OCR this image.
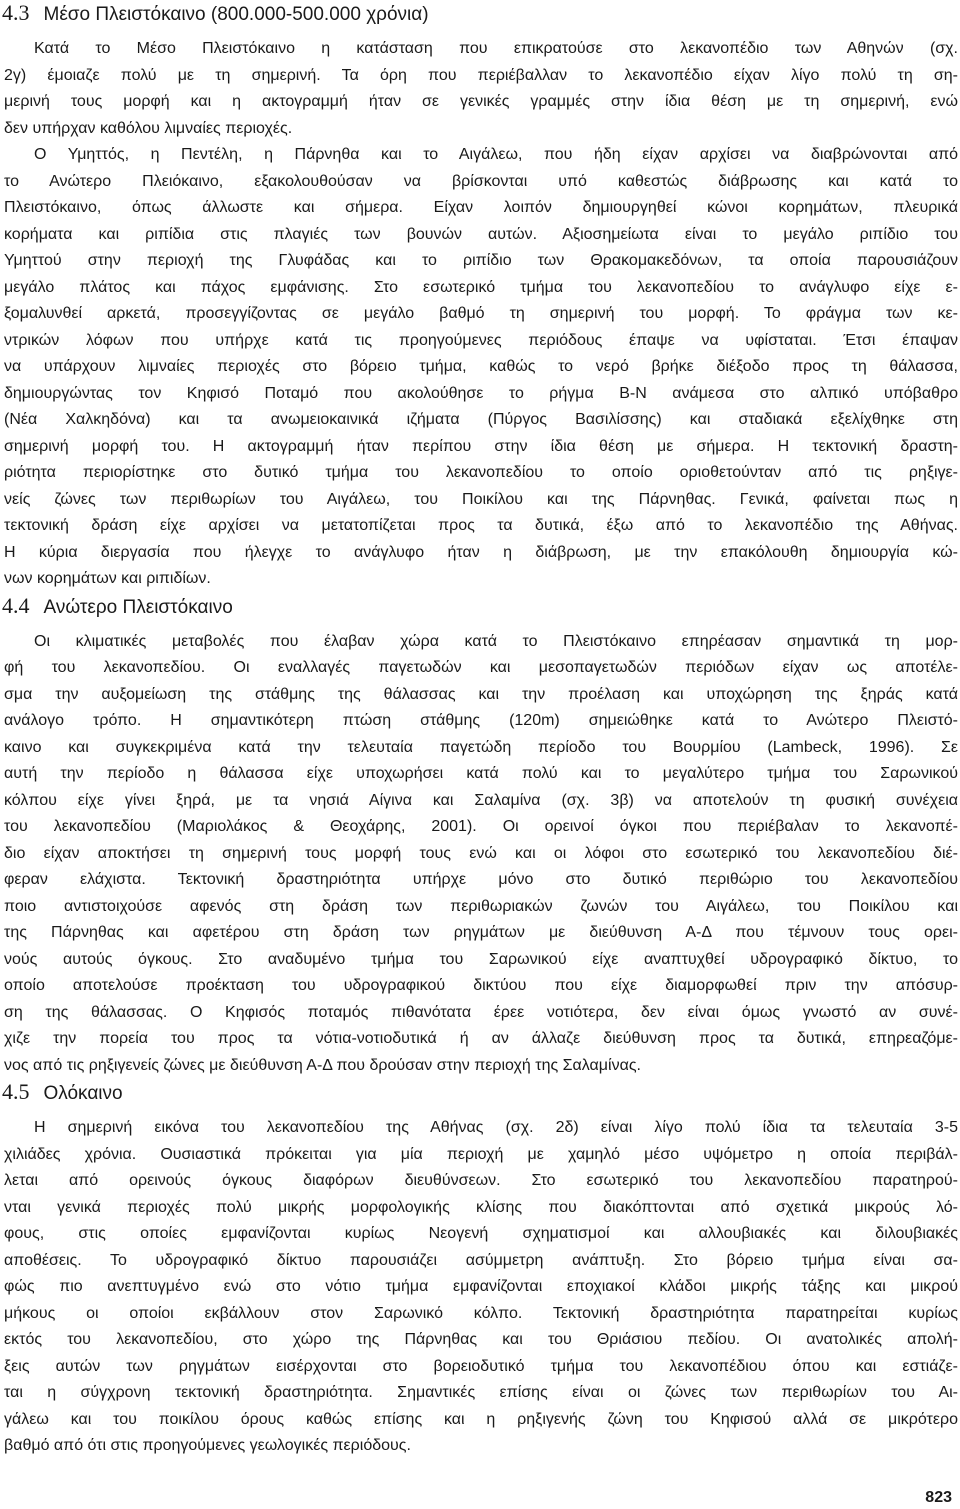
4.3 Μέσο Πλειστόκαινο (800.000-500.000 χρόνια)
Κατά το Μέσο Πλειστόκαινο η κατάσταση που επικρατούσε στο λεκανοπέδιο των Αθηνών (σχ.
2γ) έμοιαζε πολύ με τη σημερινή. Τα όρη που περιέβαλλαν το λεκανοπέδιο είχαν λίγο πολύ τη ση-
μερινή τους μορφή και η ακτογραμμή ήταν σε γενικές γραμμές στην ίδια θέση με τη σημερινή, ενώ
δεν υπήρχαν καθόλου λιμναίες περιοχές.
Ο Υμηττός, η Πεντέλη, η Πάρνηθα και το Αιγάλεω, που ήδη είχαν αρχίσει να διαβρώνονται από
το Ανώτερο Πλειόκαινο, εξακολουθούσαν να βρίσκονται υπό καθεστώς διάβρωσης και κατά το
Πλειστόκαινο, όπως άλλωστε και σήμερα. Είχαν λοιπόν δημιουργηθεί κώνοι κορημάτων, πλευρικά
κορήματα και ριπίδια στις πλαγιές των βουνών αυτών. Αξιοσημείωτα είναι το μεγάλο ριπίδιο του
Υμηττού στην περιοχή της Γλυφάδας και το ριπίδιο των Θρακομακεδόνων, τα οποία παρουσιάζουν
μεγάλο πλάτος και πάχος εμφάνισης. Στο εσωτερικό τμήμα του λεκανοπεδίου το ανάγλυφο είχε ε-
ξομαλυνθεί αρκετά, προσεγγίζοντας σε μεγάλο βαθμό τη σημερινή του μορφή. Το φράγμα των κε-
ντρικών λόφων που υπήρχε κατά τις προηγούμενες περιόδους έπαψε να υφίσταται. Έτσι έπαψαν
να υπάρχουν λιμναίες περιοχές στο βόρειο τμήμα, καθώς το νερό βρήκε διέξοδο προς τη θάλασσα,
δημιουργώντας τον Κηφισό Ποταμό που ακολούθησε το ρήγμα Β-Ν ανάμεσα στο αλπικό υπόβαθρο
(Νέα Χαλκηδόνα) και τα ανωμειοκαινικά ιζήματα (Πύργος Βασιλίσσης) και σταδιακά εξελίχθηκε στη
σημερινή μορφή του. Η ακτογραμμή ήταν περίπου στην ίδια θέση με σήμερα. Η τεκτονική δραστη-
ριότητα περιορίστηκε στο δυτικό τμήμα του λεκανοπεδίου το οποίο οριοθετούνταν από τις ρηξιγε-
νείς ζώνες των περιθωρίων του Αιγάλεω, του Ποικίλου και της Πάρνηθας. Γενικά, φαίνεται πως η
τεκτονική δράση είχε αρχίσει να μετατοπίζεται προς τα δυτικά, έξω από το λεκανοπέδιο της Αθήνας.
Η κύρια διεργασία που ήλεγχε το ανάγλυφο ήταν η διάβρωση, με την επακόλουθη δημιουργία κώ-
νων κορημάτων και ριπιδίων.
4.4 Ανώτερο Πλειστόκαινο
Οι κλιματικές μεταβολές που έλαβαν χώρα κατά το Πλειστόκαινο επηρέασαν σημαντικά τη μορ-
φή του λεκανοπεδίου. Οι εναλλαγές παγετωδών και μεσοπαγετωδών περιόδων είχαν ως αποτέλε-
σμα την αυξομείωση της στάθμης της θάλασσας και την προέλαση και υποχώρηση της ξηράς κατά
ανάλογο τρόπο. Η σημαντικότερη πτώση στάθμης (120m) σημειώθηκε κατά το Ανώτερο Πλειστό-
καινο και συγκεκριμένα κατά την τελευταία παγετώδη περίοδο του Βουρμίου (Lambeck, 1996). Σε
αυτή την περίοδο η θάλασσα είχε υποχωρήσει κατά πολύ και το μεγαλύτερο τμήμα του Σαρωνικού
κόλπου είχε γίνει ξηρά, με τα νησιά Αίγινα και Σαλαμίνα (σχ. 3β) να αποτελούν τη φυσική συνέχεια
του λεκανοπεδίου (Μαριολάκος & Θεοχάρης, 2001). Οι ορεινοί όγκοι που περιέβαλαν το λεκανοπέ-
διο είχαν αποκτήσει τη σημερινή τους μορφή τους ενώ και οι λόφοι στο εσωτερικό του λεκανοπεδίου διέ-
φεραν ελάχιστα. Τεκτονική δραστηριότητα υπήρχε μόνο στο δυτικό περιθώριο του λεκανοπεδίου
ποιο αντιστοιχούσε αφενός στη δράση των περιθωριακών ζωνών του Αιγάλεω, του Ποικίλου και
της Πάρνηθας και αφετέρου στη δράση των ρηγμάτων με διεύθυνση Α-Δ που τέμνουν τους ορει-
νούς αυτούς όγκους. Στο αναδυμένο τμήμα του Σαρωνικού είχε αναπτυχθεί υδρογραφικό δίκτυο, το
οποίο αποτελούσε προέκταση του υδρογραφικού δικτύου που είχε διαμορφωθεί πριν την απόσυρ-
ση της θάλασσας. Ο Κηφισός ποταμός πιθανότατα έρεε νοτιότερα, δεν είναι όμως γνωστό αν συνέ-
χιζε την πορεία του προς τα νότια-νοτιοδυτικά ή αν άλλαζε διεύθυνση προς τα δυτικά, επηρεαζόμε-
νος από τις ρηξιγενείς ζώνες με διεύθυνση Α-Δ που δρούσαν στην περιοχή της Σαλαμίνας.
4.5 Ολόκαινο
Η σημερινή εικόνα του λεκανοπεδίου της Αθήνας (σχ. 2δ) είναι λίγο πολύ ίδια τα τελευταία 3-5
χιλιάδες χρόνια. Ουσιαστικά πρόκειται για μία περιοχή με χαμηλό μέσο υψόμετρο η οποία περιβάλ-
λεται από ορεινούς όγκους διαφόρων διευθύνσεων. Στο εσωτερικό του λεκανοπεδίου παρατηρού-
νται γενικά περιοχές πολύ μικρής μορφολογικής κλίσης που διακόπτονται από σχετικά μικρούς λό-
φους, στις οποίες εμφανίζονται κυρίως Νεογενή σχηματισμοί και αλλουβιακές και διλουβιακές
αποθέσεις. Το υδρογραφικό δίκτυο παρουσιάζει ασύμμετρη ανάπτυξη. Στο βόρειο τμήμα είναι σα-
φώς πιο ανεπτυγμένο ενώ στο νότιο τμήμα εμφανίζονται εποχιακοί κλάδοι μικρής τάξης και μικρού
μήκους οι οποίοι εκβάλλουν στον Σαρωνικό κόλπο. Τεκτονική δραστηριότητα παρατηρείται κυρίως
εκτός του λεκανοπεδίου, στο χώρο της Πάρνηθας και του Θριάσιου πεδίου. Οι ανατολικές απολή-
ξεις αυτών των ρηγμάτων εισέρχονται στο βορειοδυτικό τμήμα του λεκανοπέδιου όπου και εστιάζε-
ται η σύγχρονη τεκτονική δραστηριότητα. Σημαντικές επίσης είναι οι ζώνες των περιθωρίων του Αι-
γάλεω και του ποικίλου όρους καθώς επίσης και η ρηξιγενής ζώνη του Κηφισού αλλά σε μικρότερο
βαθμό από ότι στις προηγούμενες γεωλογικές περιόδους.
823
